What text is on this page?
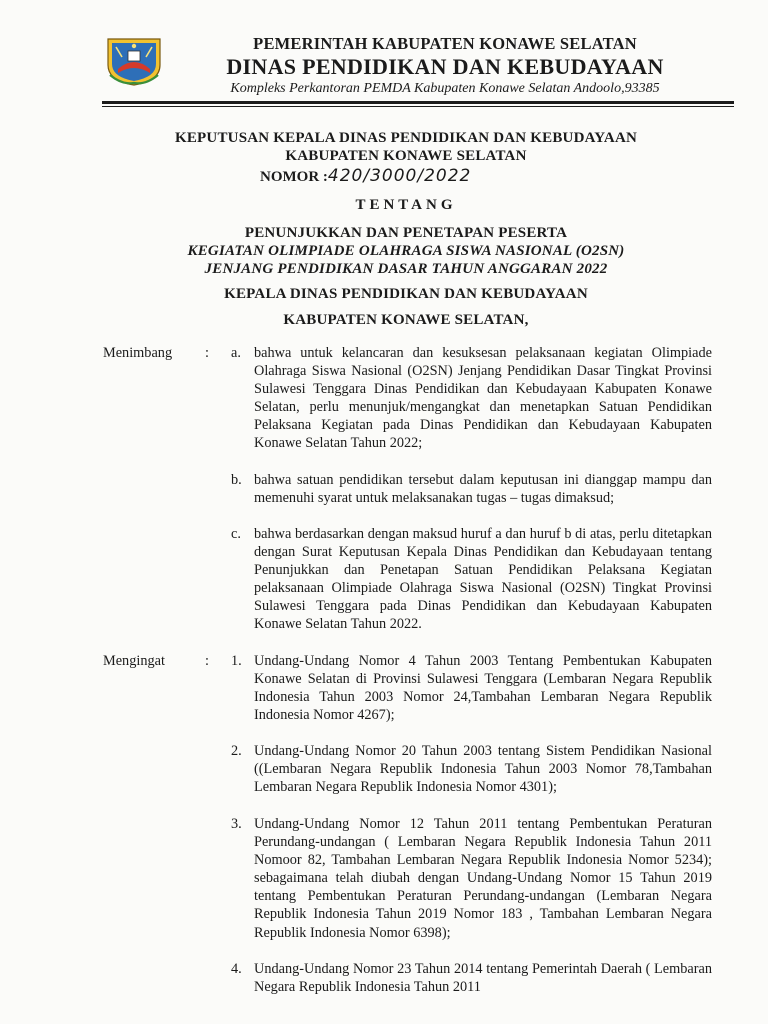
PEMERINTAH KABUPATEN KONAWE SELATAN
DINAS PENDIDIKAN DAN KEBUDAYAAN
Kompleks Perkantoran PEMDA Kabupaten Konawe Selatan Andoolo,93385
KEPUTUSAN KEPALA DINAS PENDIDIKAN DAN KEBUDAYAAN
KABUPATEN KONAWE SELATAN
NOMOR :420/3000/2022
TENTANG
PENUNJUKKAN DAN PENETAPAN PESERTA
KEGIATAN OLIMPIADE OLAHRAGA SISWA NASIONAL (O2SN)
JENJANG PENDIDIKAN DASAR TAHUN ANGGARAN 2022
KEPALA DINAS PENDIDIKAN DAN KEBUDAYAAN
KABUPATEN KONAWE SELATAN,
Menimbang : a. bahwa untuk kelancaran dan kesuksesan pelaksanaan kegiatan Olimpiade Olahraga Siswa Nasional (O2SN) Jenjang Pendidikan Dasar Tingkat Provinsi Sulawesi Tenggara Dinas Pendidikan dan Kebudayaan Kabupaten Konawe Selatan, perlu menunjuk/mengangkat dan menetapkan Satuan Pendidikan Pelaksana Kegiatan pada Dinas Pendidikan dan Kebudayaan Kabupaten Konawe Selatan Tahun 2022;
b. bahwa satuan pendidikan tersebut dalam keputusan ini dianggap mampu dan memenuhi syarat untuk melaksanakan tugas – tugas dimaksud;
c. bahwa berdasarkan dengan maksud huruf a dan huruf b di atas, perlu ditetapkan dengan Surat Keputusan Kepala Dinas Pendidikan dan Kebudayaan tentang Penunjukkan dan Penetapan Satuan Pendidikan Pelaksana Kegiatan pelaksanaan Olimpiade Olahraga Siswa Nasional (O2SN) Tingkat Provinsi Sulawesi Tenggara pada Dinas Pendidikan dan Kebudayaan Kabupaten Konawe Selatan Tahun 2022.
Mengingat	: 1. Undang-Undang Nomor 4 Tahun 2003 Tentang Pembentukan Kabupaten Konawe Selatan di Provinsi Sulawesi Tenggara (Lembaran Negara Republik Indonesia Tahun 2003 Nomor 24,Tambahan Lembaran Negara Republik Indonesia Nomor 4267);
2. Undang-Undang Nomor 20 Tahun 2003 tentang Sistem Pendidikan Nasional ((Lembaran Negara Republik Indonesia Tahun 2003 Nomor 78,Tambahan Lembaran Negara Republik Indonesia Nomor 4301);
3. Undang-Undang Nomor 12 Tahun 2011 tentang Pembentukan Peraturan Perundang-undangan ( Lembaran Negara Republik Indonesia Tahun 2011 Nomoor 82, Tambahan Lembaran Negara Republik Indonesia Nomor 5234); sebagaimana telah diubah dengan Undang-Undang Nomor 15 Tahun 2019 tentang Pembentukan Peraturan Perundang-undangan (Lembaran Negara Republik Indonesia Tahun 2019 Nomor 183 , Tambahan Lembaran Negara Republik Indonesia Nomor 6398);
4. Undang-Undang Nomor 23 Tahun 2014 tentang Pemerintah Daerah ( Lembaran Negara Republik Indonesia Tahun 2011
